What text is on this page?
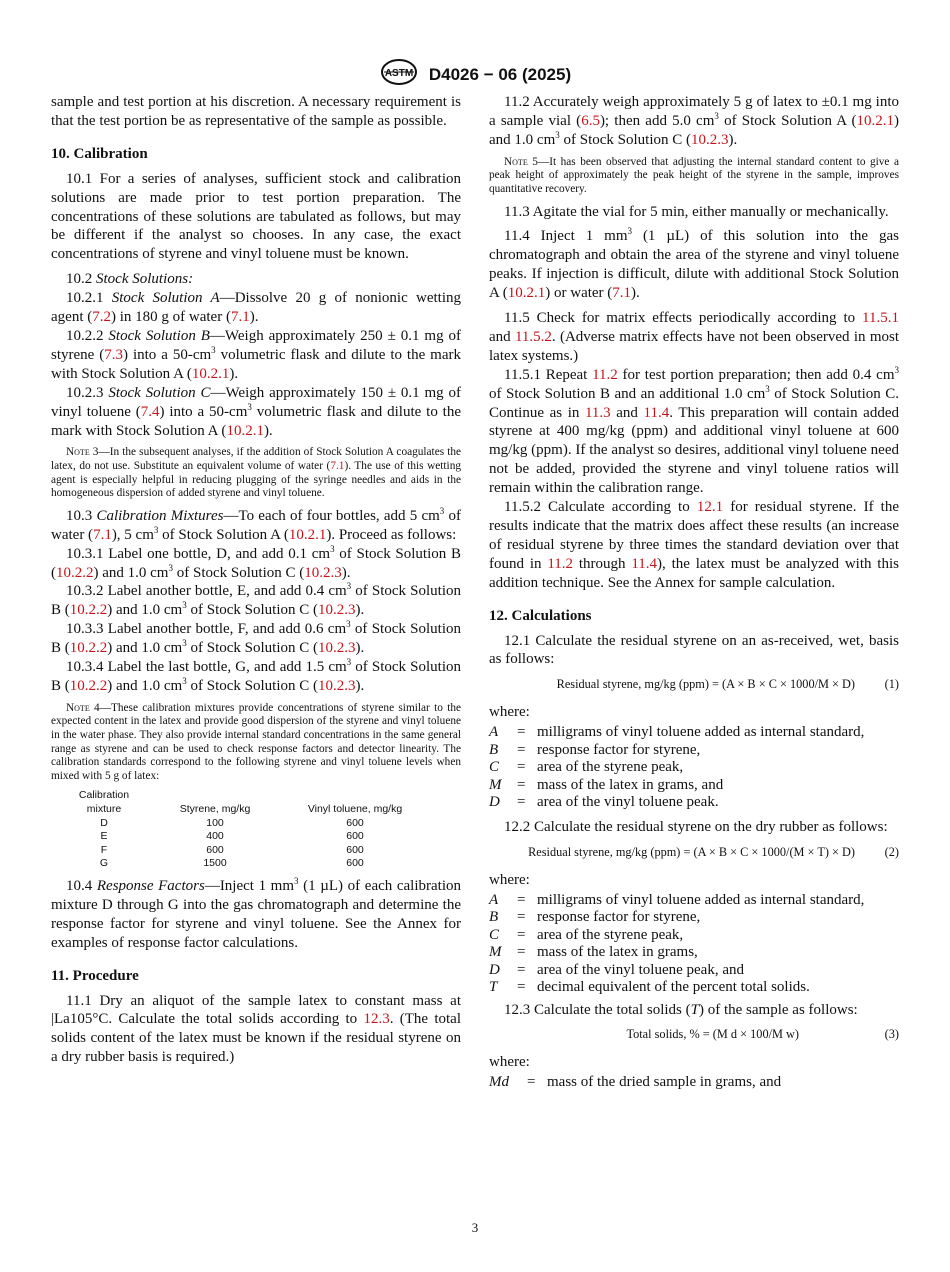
ASTM D4026 − 06 (2025)

sample and test portion at his discretion. A necessary requirement is that the test portion be as representative of the sample as possible.

10. Calibration

10.1 For a series of analyses, sufficient stock and calibration solutions are made prior to test portion preparation. The concentrations of these solutions are tabulated as follows, but may be different if the analyst so chooses. In any case, the exact concentrations of styrene and vinyl toluene must be known.

10.2 Stock Solutions:

10.2.1 Stock Solution A—Dissolve 20 g of nonionic wetting agent (7.2) in 180 g of water (7.1).

10.2.2 Stock Solution B—Weigh approximately 250 ± 0.1 mg of styrene (7.3) into a $50-cm^3$ volumetric flask and dilute to the mark with Stock Solution A (10.2.1).

10.2.3 Stock Solution C—Weigh approximately 150 ± 0.1 mg of vinyl toluene (7.4) into a $50-cm^3$ volumetric flask and dilute to the mark with Stock Solution A (10.2.1).

Note 3—In the subsequent analyses, if the addition of Stock Solution A coagulates the latex, do not use. Substitute an equivalent volume of water (7.1). The use of this wetting agent is especially helpful in reducing plugging of the syringe needles and aids in the homogeneous dispersion of added styrene and vinyl toluene.

10.3 Calibration Mixtures—To each of four bottles, add 5 $cm^3$ of water (7.1), 5 $cm^3$ of Stock Solution A (10.2.1). Proceed as follows:

10.3.1 Label one bottle, D, and add 0.1 $cm^3$ of Stock Solution B (10.2.2) and 1.0 $cm^3$ of Stock Solution C (10.2.3).

10.3.2 Label another bottle, E, and add 0.4 $cm^3$ of Stock Solution B (10.2.2) and 1.0 $cm^3$ of Stock Solution C (10.2.3).

10.3.3 Label another bottle, F, and add 0.6 $cm^3$ of Stock Solution B (10.2.2) and 1.0 $cm^3$ of Stock Solution C (10.2.3).

10.3.4 Label the last bottle, G, and add 1.5 $cm^3$ of Stock Solution B (10.2.2) and 1.0 $cm^3$ of Stock Solution C (10.2.3).

Note 4—These calibration mixtures provide concentrations of styrene similar to the expected content in the latex and provide good dispersion of the styrene and vinyl toluene in the water phase. They also provide internal standard concentrations in the same general range as styrene and can be used to check response factors and detector linearity. The calibration standards correspond to the following styrene and vinyl toluene levels when mixed with 5 g of latex:

Calibration
mixture	Styrene, mg/kg	Vinyl toluene, mg/kg
D	100	600
E	400	600
F	600	600
G	1500	600

10.4 Response Factors—Inject 1 $mm^3$ (1 µL) of each calibration mixture D through G into the gas chromatograph and determine the response factor for styrene and vinyl toluene. See the Annex for examples of response factor calculations.

11. Procedure

11.1 Dry an aliquot of the sample latex to constant mass at |La105°C. Calculate the total solids according to 12.3. (The total solids content of the latex must be known if the residual styrene on a dry rubber basis is required.)

11.2 Accurately weigh approximately 5 g of latex to ±0.1 mg into a sample vial (6.5); then add 5.0 $cm^3$ of Stock Solution A (10.2.1) and 1.0 $cm^3$ of Stock Solution C (10.2.3).

Note 5—It has been observed that adjusting the internal standard content to give a peak height of approximately the peak height of the styrene in the sample, improves quantitative recovery.

11.3 Agitate the vial for 5 min, either manually or mechanically.

11.4 Inject 1 $mm^3$ (1 µL) of this solution into the gas chromatograph and obtain the area of the styrene and vinyl toluene peaks. If injection is difficult, dilute with additional Stock Solution A (10.2.1) or water (7.1).

11.5 Check for matrix effects periodically according to 11.5.1 and 11.5.2. (Adverse matrix effects have not been observed in most latex systems.)

11.5.1 Repeat 11.2 for test portion preparation; then add 0.4 $cm^3$ of Stock Solution B and an additional 1.0 $cm^3$ of Stock Solution C. Continue as in 11.3 and 11.4. This preparation will contain added styrene at 400 mg/kg (ppm) and additional vinyl toluene at 600 mg/kg (ppm). If the analyst so desires, additional vinyl toluene need not be added, provided the styrene and vinyl toluene ratios will remain within the calibration range.

11.5.2 Calculate according to 12.1 for residual styrene. If the results indicate that the matrix does affect these results (an increase of residual styrene by three times the standard deviation over that found in 11.2 through 11.4), the latex must be analyzed with this addition technique. See the Annex for sample calculation.

12. Calculations

12.1 Calculate the residual styrene on an as-received, wet, basis as follows:

Residual styrene, mg/kg (ppm) = (A × B × C × 1000/M × D) (1)

where:

A	= milligrams of vinyl toluene added as internal standard,
B	= response factor for styrene,
C	= area of the styrene peak,
M	= mass of the latex in grams, and
D	= area of the vinyl toluene peak.

12.2 Calculate the residual styrene on the dry rubber as follows:

Residual styrene, mg/kg (ppm) = (A × B × C × 1000/(M × T) × D) (2)

where:

A	= milligrams of vinyl toluene added as internal standard,
B	= response factor for styrene,
C	= area of the styrene peak,
M	= mass of the latex in grams,
D	= area of the vinyl toluene peak, and
T	= decimal equivalent of the percent total solids.

12.3 Calculate the total solids (T) of the sample as follows:

Total solids, % = (M d × 100/M w)	(3)

where:

Md	= mass of the dried sample in grams, and
3
